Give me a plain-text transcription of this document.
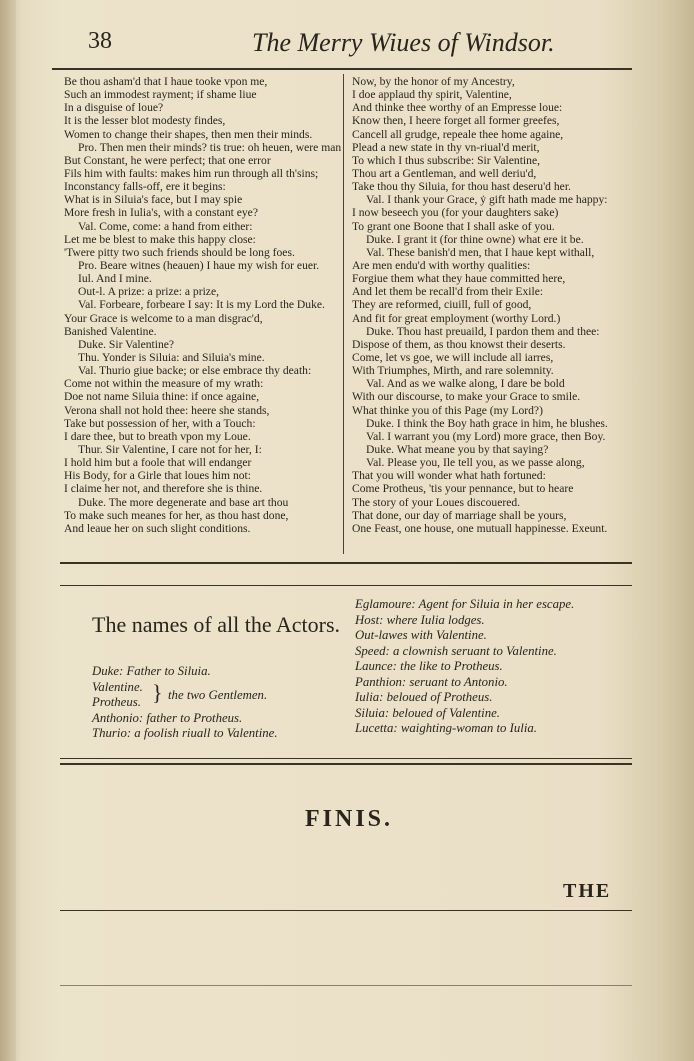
38	The Merry Wiues of Windsor.
Be thou asham'd that I haue tooke vpon me,
Such an immodest rayment; if shame liue
In a disguise of loue?
It is the lesser blot modesty findes,
Women to change their shapes, then men their minds.
Pro. Then men their minds? tis true: oh heuen, were man
But Constant, he were perfect; that one error
Fils him with faults: makes him run through all th'sins;
Inconstancy falls-off, ere it begins:
What is in Siluia's face, but I may spie
More fresh in Iulia's, with a constant eye?
Val. Come, come: a hand from either:
Let me be blest to make this happy close:
'Twere pitty two such friends should be long foes.
Pro. Beare witnes (heauen) I haue my wish for euer.
Iul. And I mine.
Out-l. A prize: a prize: a prize,
Val. Forbeare, forbeare I say: It is my Lord the Duke.
Your Grace is welcome to a man disgrac'd,
Banished Valentine.
Duke. Sir Valentine?
Thu. Yonder is Siluia: and Siluia's mine.
Val. Thurio giue backe; or else embrace thy death:
Come not within the measure of my wrath:
Doe not name Siluia thine: if once againe,
Verona shall not hold thee: heere she stands,
Take but possession of her, with a Touch:
I dare thee, but to breath vpon my Loue.
Thur. Sir Valentine, I care not for her, I:
I hold him but a foole that will endanger
His Body, for a Girle that loues him not:
I claime her not, and therefore she is thine.
Duke. The more degenerate and base art thou
To make such meanes for her, as thou hast done,
And leaue her on such slight conditions.
Now, by the honor of my Ancestry,
I doe applaud thy spirit, Valentine,
And thinke thee worthy of an Empresse loue:
Know then, I heere forget all former greefes,
Cancell all grudge, repeale thee home againe,
Plead a new state in thy vn-riual'd merit,
To which I thus subscribe: Sir Valentine,
Thou art a Gentleman, and well deriu'd,
Take thou thy Siluia, for thou hast deseru'd her.
Val. I thank your Grace, ẏ gift hath made me happy:
I now beseech you (for your daughters sake)
To grant one Boone that I shall aske of you.
Duke. I grant it (for thine owne) what ere it be.
Val. These banish'd men, that I haue kept withall,
Are men endu'd with worthy qualities:
Forgiue them what they haue committed here,
And let them be recall'd from their Exile:
They are reformed, ciuill, full of good,
And fit for great employment (worthy Lord.)
Duke. Thou hast preuaild, I pardon them and thee:
Dispose of them, as thou knowst their deserts.
Come, let vs goe, we will include all iarres,
With Triumphes, Mirth, and rare solemnity.
Val. And as we walke along, I dare be bold
With our discourse, to make your Grace to smile.
What thinke you of this Page (my Lord?)
Duke. I think the Boy hath grace in him, he blushes.
Val. I warrant you (my Lord) more grace, then Boy.
Duke. What meane you by that saying?
Val. Please you, Ile tell you, as we passe along,
That you will wonder what hath fortuned:
Come Protheus, 'tis your pennance, but to heare
The story of your Loues discouered.
That done, our day of marriage shall be yours,
One Feast, one house, one mutuall happinesse. Exeunt.
The names of all the Actors.
Duke: Father to Siluia.
Valentine.
Protheus. } the two Gentlemen.
Anthonio: father to Protheus.
Thurio: a foolish riuall to Valentine.
Eglamoure: Agent for Siluia in her escape.
Host: where Iulia lodges.
Out-lawes with Valentine.
Speed: a clownish seruant to Valentine.
Launce: the like to Protheus.
Panthion: seruant to Antonio.
Iulia: beloued of Protheus.
Siluia: beloued of Valentine.
Lucetta: waighting-woman to Iulia.
FINIS.
THE
